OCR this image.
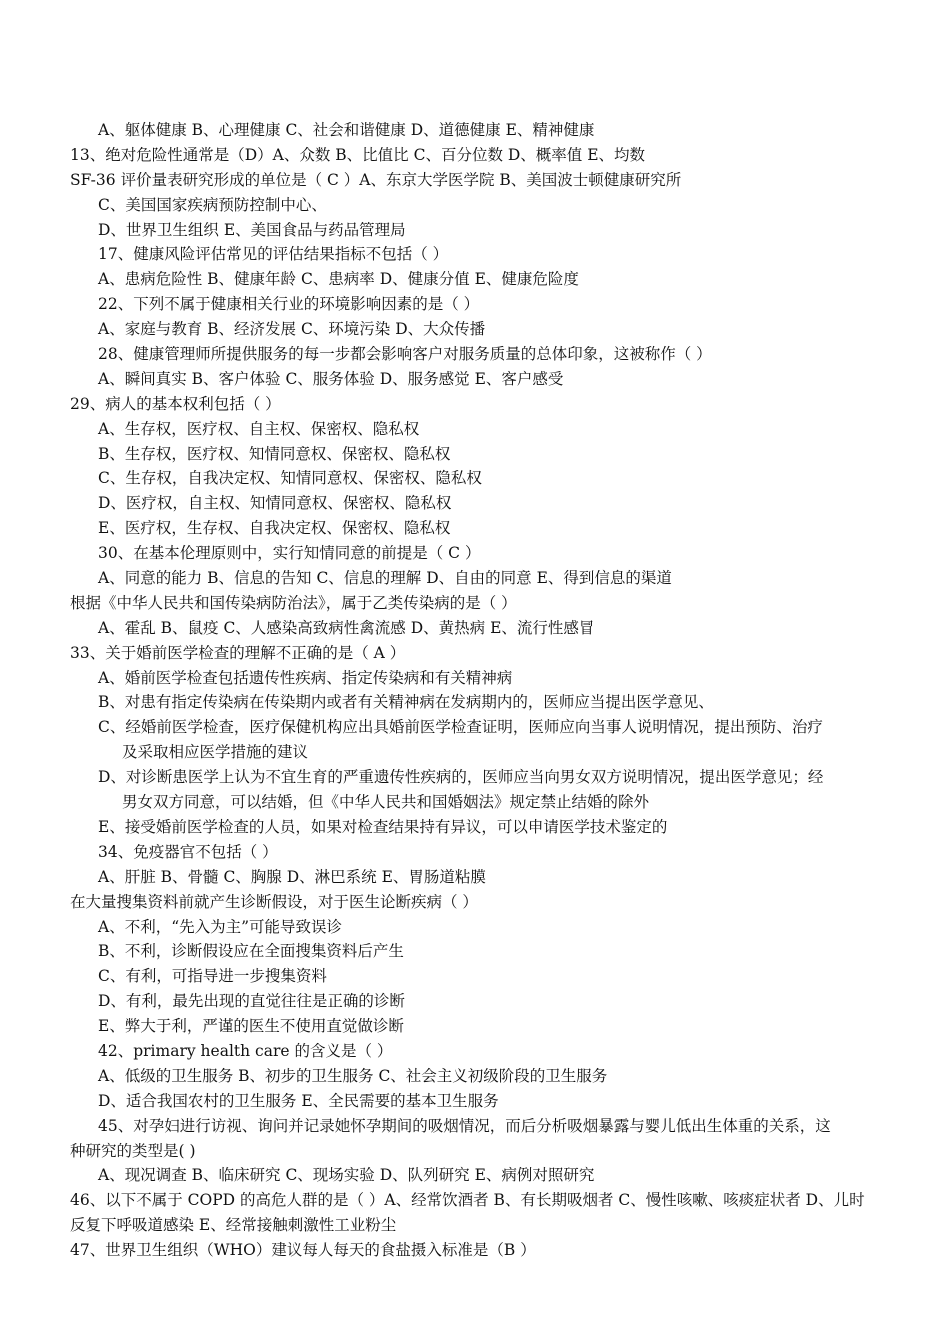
A、躯体健康 B、心理健康 C、社会和谐健康 D、道德健康 E、精神健康
13、绝对危险性通常是（D）A、众数 B、比值比 C、百分位数 D、概率值 E、均数
SF-36 评价量表研究形成的单位是（ C ）A、东京大学医学院 B、美国波士顿健康研究所
C、美国国家疾病预防控制中心、
D、世界卫生组织 E、美国食品与药品管理局
17、健康风险评估常见的评估结果指标不包括（ ）
A、患病危险性 B、健康年龄 C、患病率 D、健康分值 E、健康危险度
22、下列不属于健康相关行业的环境影响因素的是（ ）
A、家庭与教育 B、经济发展 C、环境污染 D、大众传播
28、健康管理师所提供服务的每一步都会影响客户对服务质量的总体印象，这被称作（ ）
A、瞬间真实 B、客户体验 C、服务体验 D、服务感觉 E、客户感受
29、病人的基本权利包括（ ）
A、生存权，医疗权、自主权、保密权、隐私权
B、生存权，医疗权、知情同意权、保密权、隐私权
C、生存权，自我决定权、知情同意权、保密权、隐私权
D、医疗权，自主权、知情同意权、保密权、隐私权
E、医疗权，生存权、自我决定权、保密权、隐私权
30、在基本伦理原则中，实行知情同意的前提是（ C ）
A、同意的能力 B、信息的告知 C、信息的理解 D、自由的同意 E、得到信息的渠道
根据《中华人民共和国传染病防治法》，属于乙类传染病的是（ ）
A、霍乱 B、鼠疫 C、人感染高致病性禽流感 D、黄热病 E、流行性感冒
33、关于婚前医学检查的理解不正确的是（ A ）
A、婚前医学检查包括遗传性疾病、指定传染病和有关精神病
B、对患有指定传染病在传染期内或者有关精神病在发病期内的，医师应当提出医学意见、
C、经婚前医学检查，医疗保健机构应出具婚前医学检查证明，医师应向当事人说明情况，提出预防、治疗
及采取相应医学措施的建议
D、对诊断患医学上认为不宜生育的严重遗传性疾病的，医师应当向男女双方说明情况，提出医学意见；经
男女双方同意，可以结婚，但《中华人民共和国婚姻法》规定禁止结婚的除外
E、接受婚前医学检查的人员，如果对检查结果持有异议，可以申请医学技术鉴定的
34、免疫器官不包括（ ）
A、肝脏 B、骨髓 C、胸腺 D、淋巴系统 E、胃肠道粘膜
在大量搜集资料前就产生诊断假设，对于医生论断疾病（ ）
A、不利，“先入为主”可能导致误诊
B、不利，诊断假设应在全面搜集资料后产生
C、有利，可指导进一步搜集资料
D、有利，最先出现的直觉往往是正确的诊断
E、弊大于利，严谨的医生不使用直觉做诊断
42、primary health care 的含义是（ ）
A、低级的卫生服务 B、初步的卫生服务 C、社会主义初级阶段的卫生服务
D、适合我国农村的卫生服务 E、全民需要的基本卫生服务
45、对孕妇进行访视、询问并记录她怀孕期间的吸烟情况，而后分析吸烟暴露与婴儿低出生体重的关系，这
种研究的类型是( )
A、现况调查 B、临床研究 C、现场实验 D、队列研究 E、病例对照研究
46、以下不属于 COPD 的高危人群的是（ ）A、经常饮酒者 B、有长期吸烟者 C、慢性咳嗽、咳痰症状者 D、儿时
反复下呼吸道感染 E、经常接触刺激性工业粉尘
47、世界卫生组织（WHO）建议每人每天的食盐摄入标准是（B ）
